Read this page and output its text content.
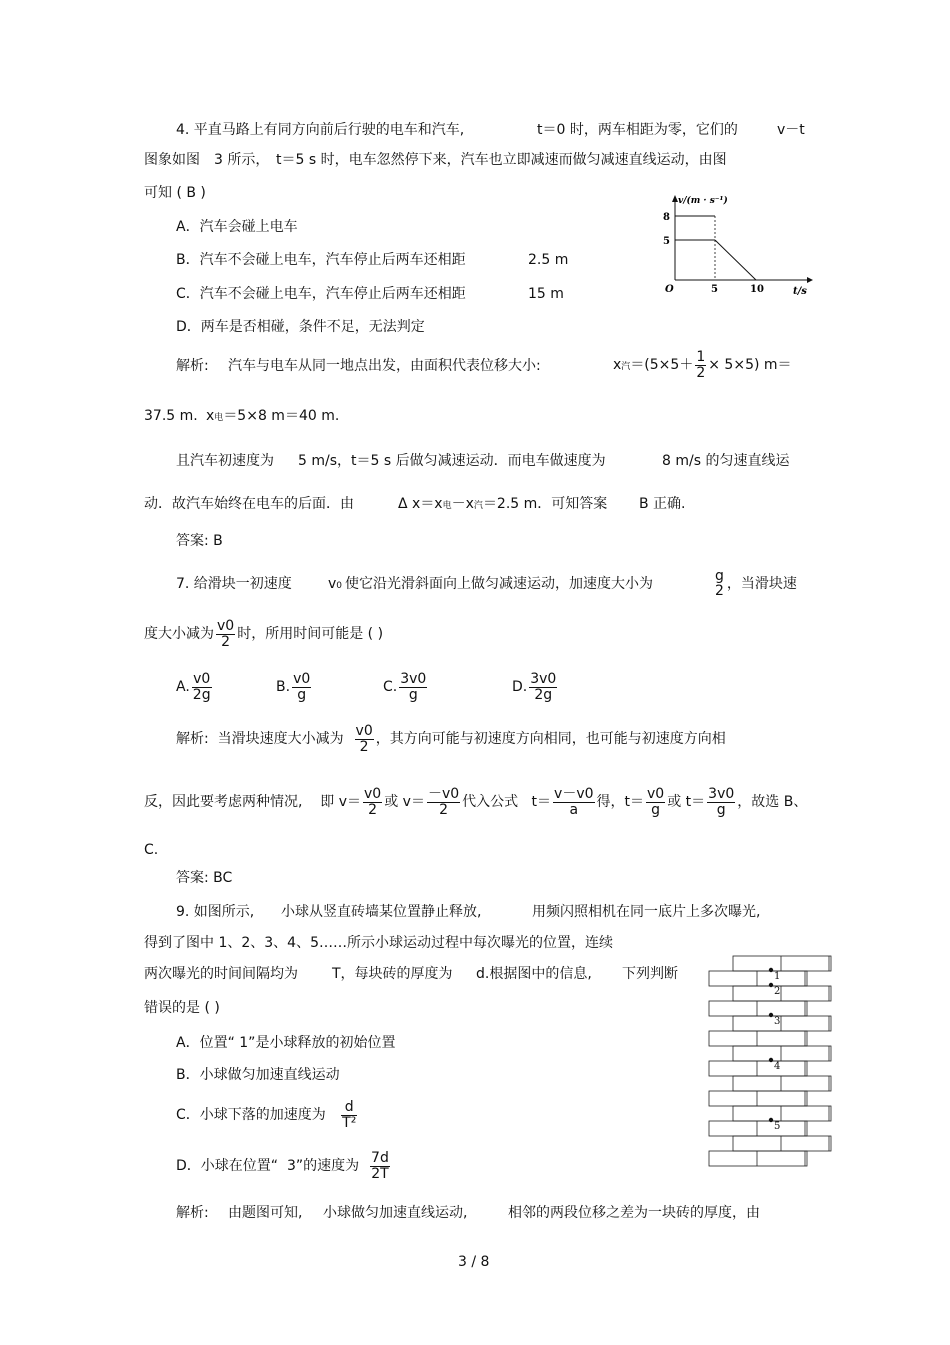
4. 平直马路上有同方向前后行驶的电车和汽车,	t＝0 时，两车相距为零，它们的	v－t
图象如图 3 所示， t＝5 s 时，电车忽然停下来，汽车也立即减速而做匀减速直线运动，由图
可知 ( B )
A．汽车会碰上电车
B．汽车不会碰上电车，汽车停止后两车还相距	2.5 m
C．汽车不会碰上电车，汽车停止后两车还相距	15 m
D．两车是否相碰，条件不足，无法判定
v/(m · s⁻¹)
8
5
O	5	10	t/s
解析: 汽车与电车从同一地点出发，由面积代表位移大小:	x汽$=(5\times 5+ \frac{1}{2} \times 5\times 5)$ m＝
37.5 m. x电＝5×8 m＝40 m.
且汽车初速度为 5 m/s，t＝5 s 后做匀减速运动．而电车做速度为	8 m/s 的匀速直线运
动．故汽车始终在电车的后面．由	Δ x＝x电－x汽＝2.5 m．可知答案 B 正确.
答案: B
7. 给滑块一初速度	v0 使它沿光滑斜面向上做匀减速运动，加速度大小为	g
2 ，当滑块速
度大小减为 $\frac{v0}{2}$ 时，所用时间可能是 ( )
A. $\frac{v0}{2g}$	B. $\frac{v0}{g}$	C. $\frac{3v0}{g}$	D. $\frac{3v0}{2g}$
解析: 当滑块速度大小减为 $\frac{v0}{2}$ ，其方向可能与初速度方向相同，也可能与初速度方向相
反，因此要考虑两种情况, 即 $v= \frac{v0}{2}$ 或 $v= \frac{-v0}{2}$ 代入公式 $t= \frac{v-v0}{a}$ 得，$t= \frac{v0}{g}$ 或 $t= \frac{3v0}{g}$ ，故选 B、
C.
答案: BC
9. 如图所示, 小球从竖直砖墙某位置静止释放,	用频闪照相机在同一底片上多次曝光,
得到了图中 1、2、3、4、5……所示小球运动过程中每次曝光的位置，连续
两次曝光的时间间隔均为 T，每块砖的厚度为 d.根据图中的信息, 下列判断
错误的是 ( )
A．位置“ 1”是小球释放的初始位置
B．小球做匀加速直线运动
C．小球下落的加速度为 $\frac{d}{\text{T²}}$
D．小球在位置“ 3”的速度为 $\frac{7d}{2T}$
解析: 由题图可知, 小球做匀加速直线运动,	相邻的两段位移之差为一块砖的厚度，由
1
2
3
4
5
3 / 8
